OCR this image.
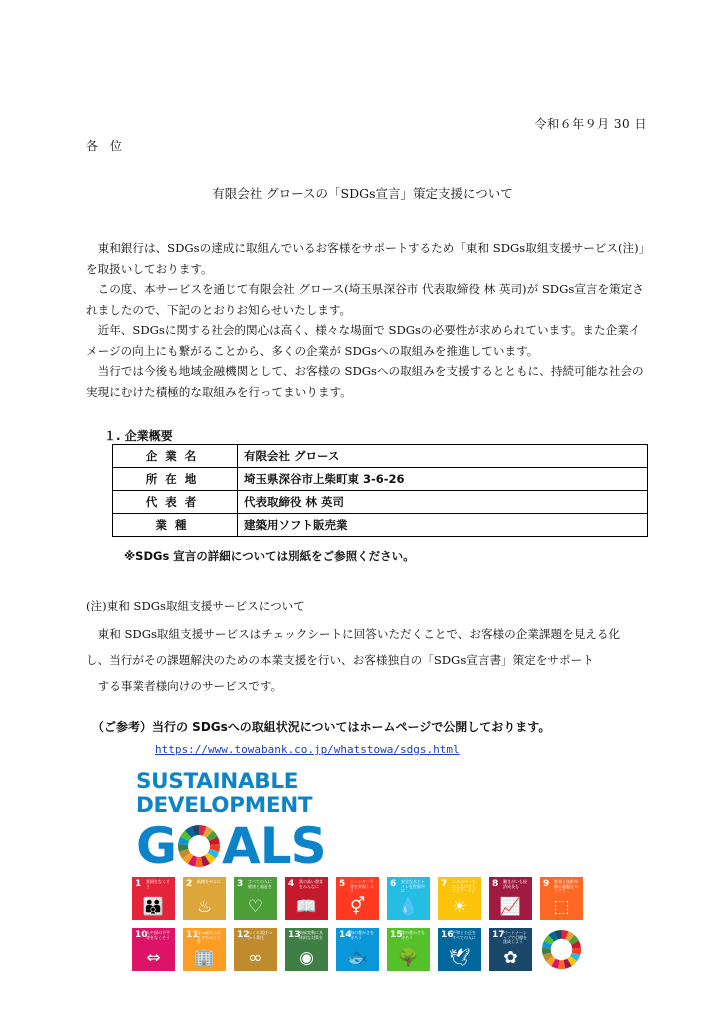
令和６年９月 30 日
各 位
有限会社 グロースの「SDGs宣言」策定支援について

東和銀行は、SDGsの達成に取組んでいるお客様をサポートするため「東和 SDGs取組支援サービス(注)」を取扱いしております。

この度、本サービスを通じて有限会社 グロース(埼玉県深谷市 代表取締役 林 英司)が SDGs宣言を策定されましたので、下記のとおりお知らせいたします。

近年、SDGsに関する社会的関心は高く、様々な場面で SDGsの必要性が求められています。また企業イメージの向上にも繋がることから、多くの企業が SDGsへの取組みを推進しています。

当行では今後も地域金融機関として、お客様の SDGsへの取組みを支援するとともに、持続可能な社会の実現にむけた積極的な取組みを行ってまいります。

１. 企業概要
企業名	有限会社 グロース
所在地	埼玉県深谷市上柴町東 3-6-26
代表者	代表取締役 林 英司
業種	建築用ソフト販売業
※SDGs 宣言の詳細については別紙をご参照ください。
(注)東和 SDGs取組支援サービスについて

東和 SDGs取組支援サービスはチェックシートに回答いただくことで、お客様の企業課題を見える化

し、当行がその課題解決のための本業支援を行い、お客様独自の「SDGs宣言書」策定をサポート

する事業者様向けのサービスです。

（ご参考）当行の SDGsへの取組状況についてはホームページで公開しております。
https://www.towabank.co.jp/whatstowa/sdgs.html
SUSTAINABLE
DEVELOPMENT
G ALS
1 貧困をなくそう
👪
2 飢餓をゼロに
♨
3 すべての人に健康と福祉を
♡
4 質の高い教育をみんなに
📖
5 ジェンダー平等を実現しよう
⚥
6 安全な水とトイレを世界中に
💧
7 エネルギーをみんなにそしてクリーンに
☀
8 働きがいも経済成長も
📈
9 産業と技術革新の基盤をつくろう
⬚
10
人や国の不平等をなくそう
⇔
11
住み続けられるまちづくりを
🏢
12
つくる責任つかう責任
∞
13
気候変動に具体的な対策を
◉
14
海の豊かさを守ろう
🐟
15
陸の豊かさも守ろう
🌳
16
平和と公正をすべての人に
🕊
17
パートナーシップで目標を達成しよう
✿
